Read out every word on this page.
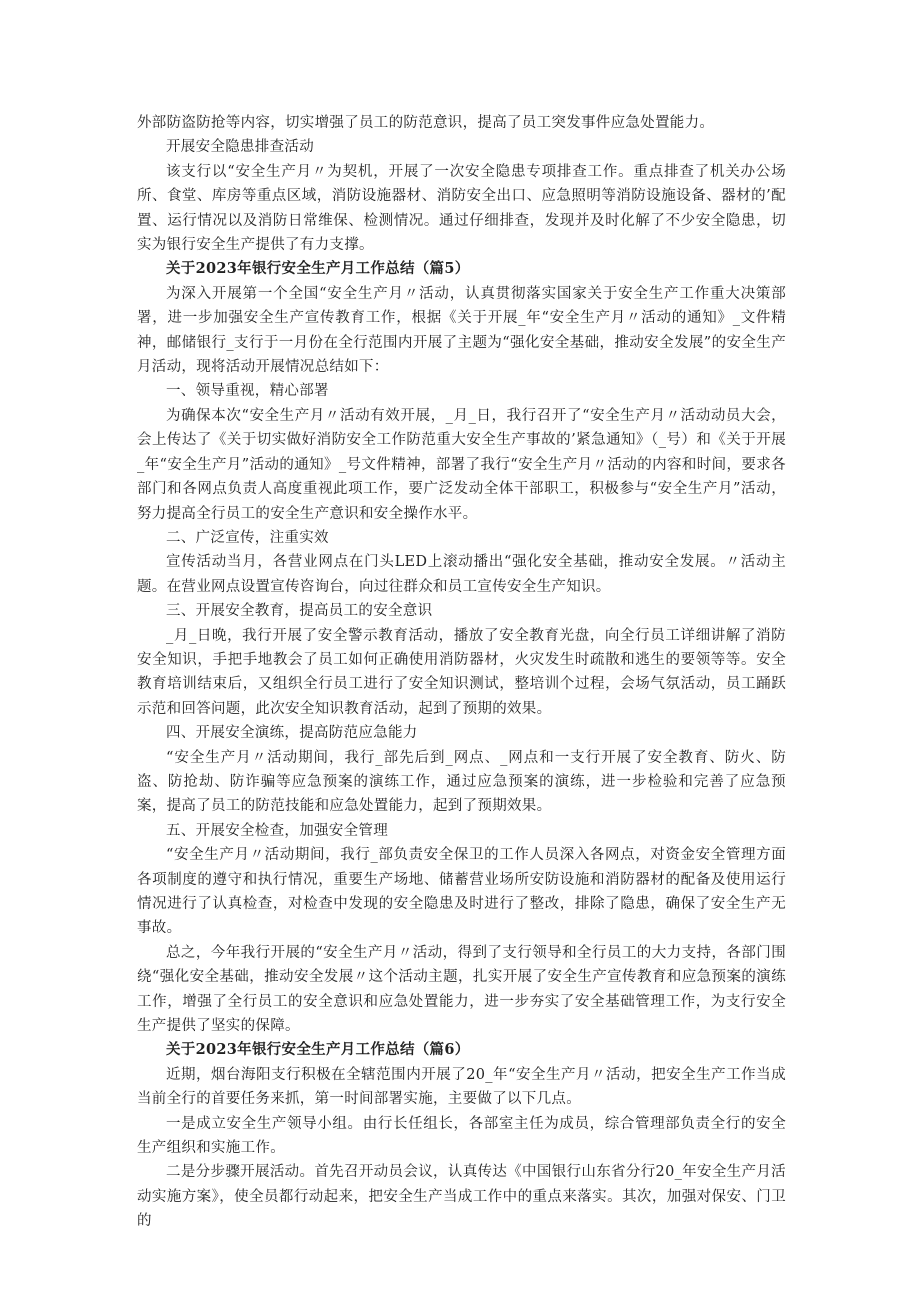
外部防盗防抢等内容，切实增强了员工的防范意识，提高了员工突发事件应急处置能力。

开展安全隐患排查活动

该支行以“安全生产月〃为契机，开展了一次安全隐患专项排查工作。重点排查了机关办公场所、食堂、库房等重点区域，消防设施器材、消防安全出口、应急照明等消防设施设备、器材的’配置、运行情况以及消防日常维保、检测情况。通过仔细排查，发现并及时化解了不少安全隐患，切实为银行安全生产提供了有力支撑。

关于2023年银行安全生产月工作总结（篇5）

为深入开展第一个全国“安全生产月〃活动，认真贯彻落实国家关于安全生产工作重大决策部署，进一步加强安全生产宣传教育工作，根据《关于开展_年“安全生产月〃活动的通知》_文件精神，邮储银行_支行于一月份在全行范围内开展了主题为“强化安全基础，推动安全发展”的安全生产月活动，现将活动开展情况总结如下：

一、领导重视，精心部署

为确保本次“安全生产月〃活动有效开展，_月_日，我行召开了“安全生产月〃活动动员大会，会上传达了《关于切实做好消防安全工作防范重大安全生产事故的’紧急通知》（_号）和《关于开展_年“安全生产月”活动的通知》_号文件精神，部署了我行“安全生产月〃活动的内容和时间，要求各部门和各网点负责人高度重视此项工作，要广泛发动全体干部职工，积极参与“安全生产月”活动，努力提高全行员工的安全生产意识和安全操作水平。

二、广泛宣传，注重实效

宣传活动当月，各营业网点在门头LED上滚动播出“强化安全基础，推动安全发展。〃活动主题。在营业网点设置宣传咨询台，向过往群众和员工宣传安全生产知识。

三、开展安全教育，提高员工的安全意识

_月_日晚，我行开展了安全警示教育活动，播放了安全教育光盘，向全行员工详细讲解了消防安全知识，手把手地教会了员工如何正确使用消防器材，火灾发生时疏散和逃生的要领等等。安全教育培训结束后，又组织全行员工进行了安全知识测试，整培训个过程，会场气氛活动，员工踊跃示范和回答问题，此次安全知识教育活动，起到了预期的效果。

四、开展安全演练，提高防范应急能力

“安全生产月〃活动期间，我行_部先后到_网点、_网点和一支行开展了安全教育、防火、防盗、防抢劫、防诈骗等应急预案的演练工作，通过应急预案的演练，进一步检验和完善了应急预案，提高了员工的防范技能和应急处置能力，起到了预期效果。

五、开展安全检查，加强安全管理

“安全生产月〃活动期间，我行_部负责安全保卫的工作人员深入各网点，对资金安全管理方面各项制度的遵守和执行情况，重要生产场地、储蓄营业场所安防设施和消防器材的配备及使用运行情况进行了认真检查，对检查中发现的安全隐患及时进行了整改，排除了隐患，确保了安全生产无事故。

总之，今年我行开展的“安全生产月〃活动，得到了支行领导和全行员工的大力支持，各部门围绕“强化安全基础，推动安全发展〃这个活动主题，扎实开展了安全生产宣传教育和应急预案的演练工作，增强了全行员工的安全意识和应急处置能力，进一步夯实了安全基础管理工作，为支行安全生产提供了坚实的保障。

关于2023年银行安全生产月工作总结（篇6）

近期，烟台海阳支行积极在全辖范围内开展了20_年“安全生产月〃活动，把安全生产工作当成当前全行的首要任务来抓，第一时间部署实施，主要做了以下几点。

一是成立安全生产领导小组。由行长任组长，各部室主任为成员，综合管理部负责全行的安全生产组织和实施工作。

二是分步骤开展活动。首先召开动员会议，认真传达《中国银行山东省分行20_年安全生产月活动实施方案》，使全员都行动起来，把安全生产当成工作中的重点来落实。其次，加强对保安、门卫的
